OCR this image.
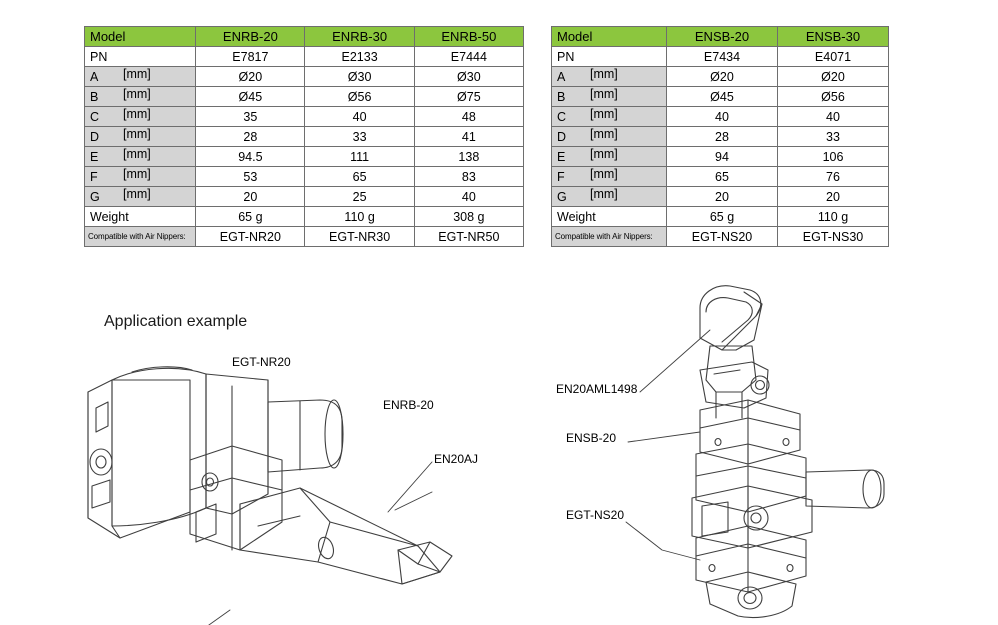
Model	ENRB-20	ENRB-30	ENRB-50
PN	E7817	E2133	E7444
A [mm]	Ø20	Ø30	Ø30
B [mm]	Ø45	Ø56	Ø75
C [mm]	35	40	48
D [mm]	28	33	41
E [mm]	94.5	111	138
F [mm]	53	65	83
G [mm]	20	25	40
Weight	65 g	110 g	308 g
Compatible with Air Nippers:	EGT-NR20	EGT-NR30	EGT-NR50
Model	ENSB-20	ENSB-30
PN	E7434	E4071
A [mm]	Ø20	Ø20
B [mm]	Ø45	Ø56
C [mm]	40	40
D [mm]	28	33
E [mm]	94	106
F [mm]	65	76
G [mm]	20	20
Weight	65 g	110 g
Compatible with Air Nippers:	EGT-NS20	EGT-NS30
Application example
EGT-NR20
ENRB-20
EN20AJ
EN20AML1498
ENSB-20
EGT-NS20
